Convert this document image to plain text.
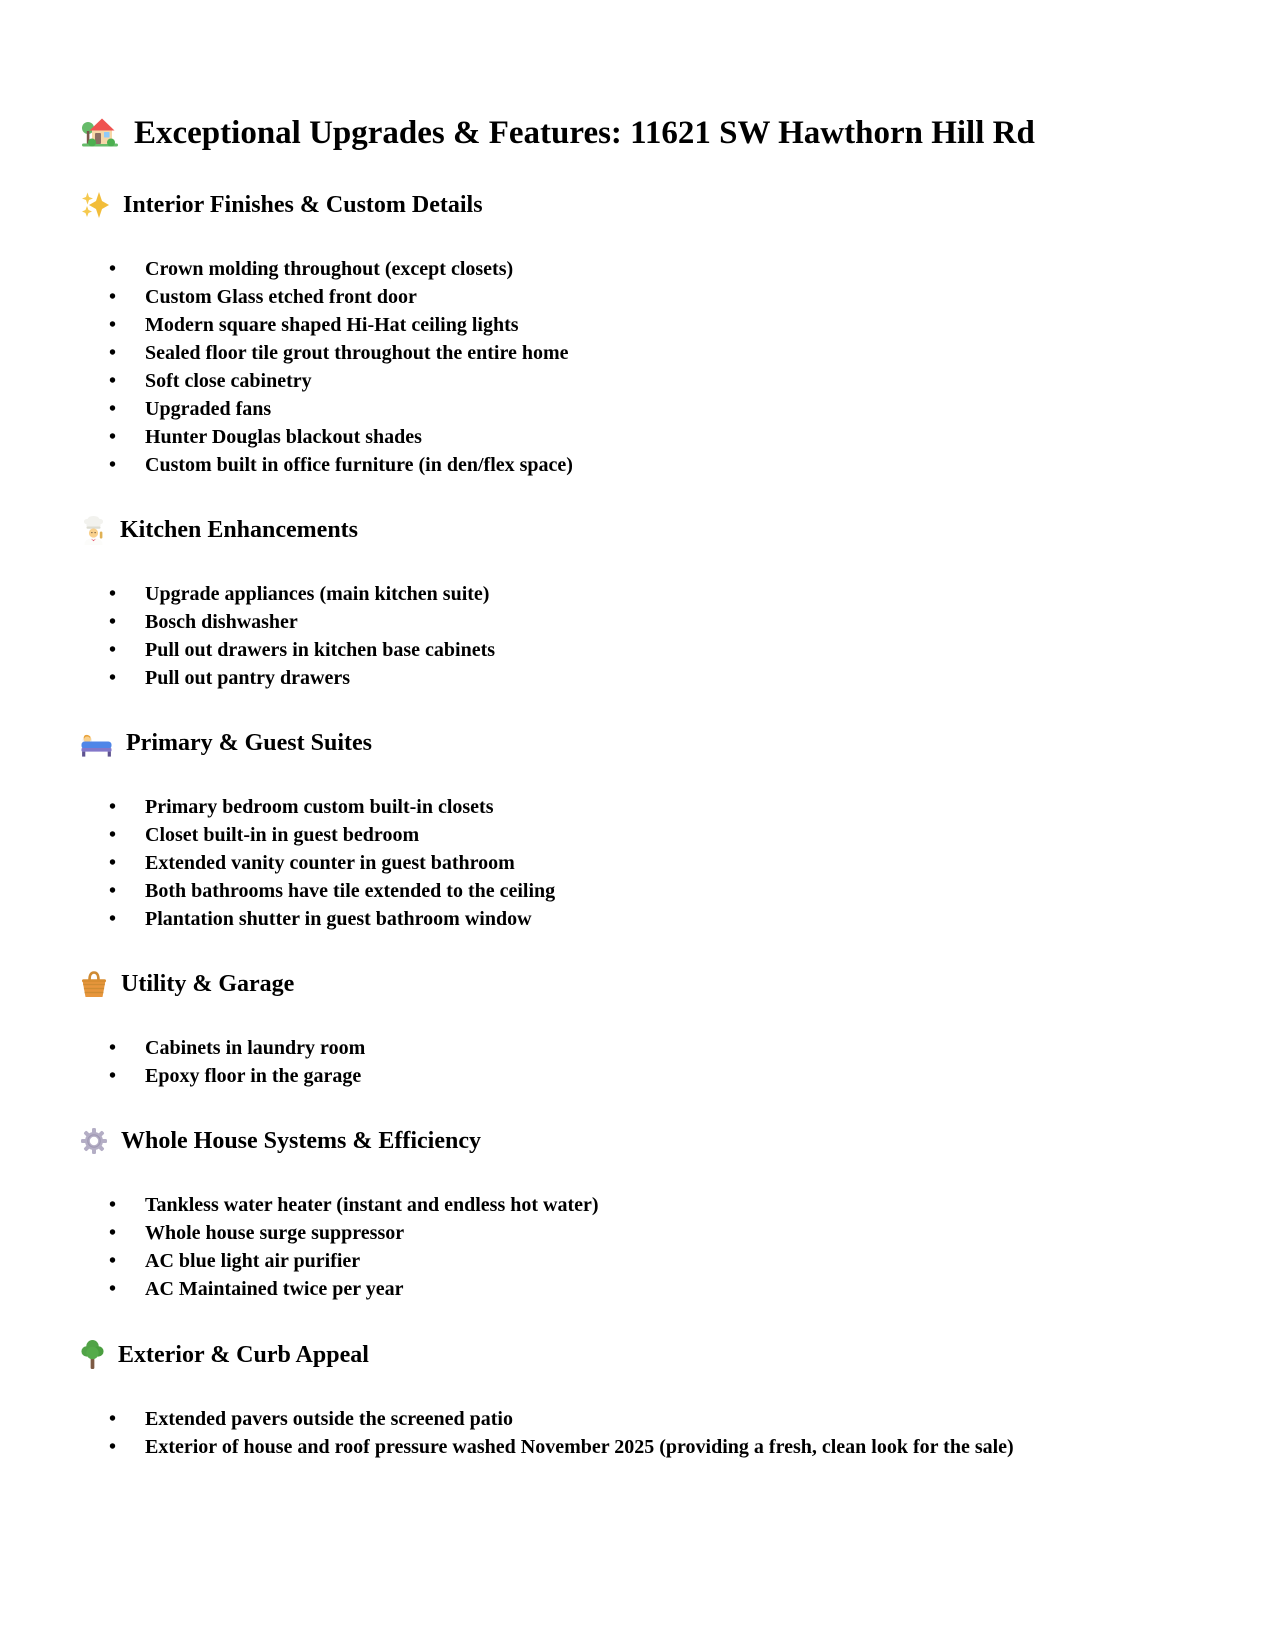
Exceptional Upgrades & Features: 11621 SW Hawthorn Hill Rd
Interior Finishes & Custom Details
• Crown molding throughout (except closets)
• Custom Glass etched front door
• Modern square shaped Hi-Hat ceiling lights
• Sealed floor tile grout throughout the entire home
• Soft close cabinetry
• Upgraded fans
• Hunter Douglas blackout shades
• Custom built in office furniture (in den/flex space)
Kitchen Enhancements
• Upgrade appliances (main kitchen suite)
• Bosch dishwasher
• Pull out drawers in kitchen base cabinets
• Pull out pantry drawers
Primary & Guest Suites
• Primary bedroom custom built-in closets
• Closet built-in in guest bedroom
• Extended vanity counter in guest bathroom
• Both bathrooms have tile extended to the ceiling
• Plantation shutter in guest bathroom window
Utility & Garage
• Cabinets in laundry room
• Epoxy floor in the garage
Whole House Systems & Efficiency
• Tankless water heater (instant and endless hot water)
• Whole house surge suppressor
• AC blue light air purifier
• AC Maintained twice per year
Exterior & Curb Appeal
• Extended pavers outside the screened patio
• Exterior of house and roof pressure washed November 2025 (providing a fresh, clean look for the sale)
